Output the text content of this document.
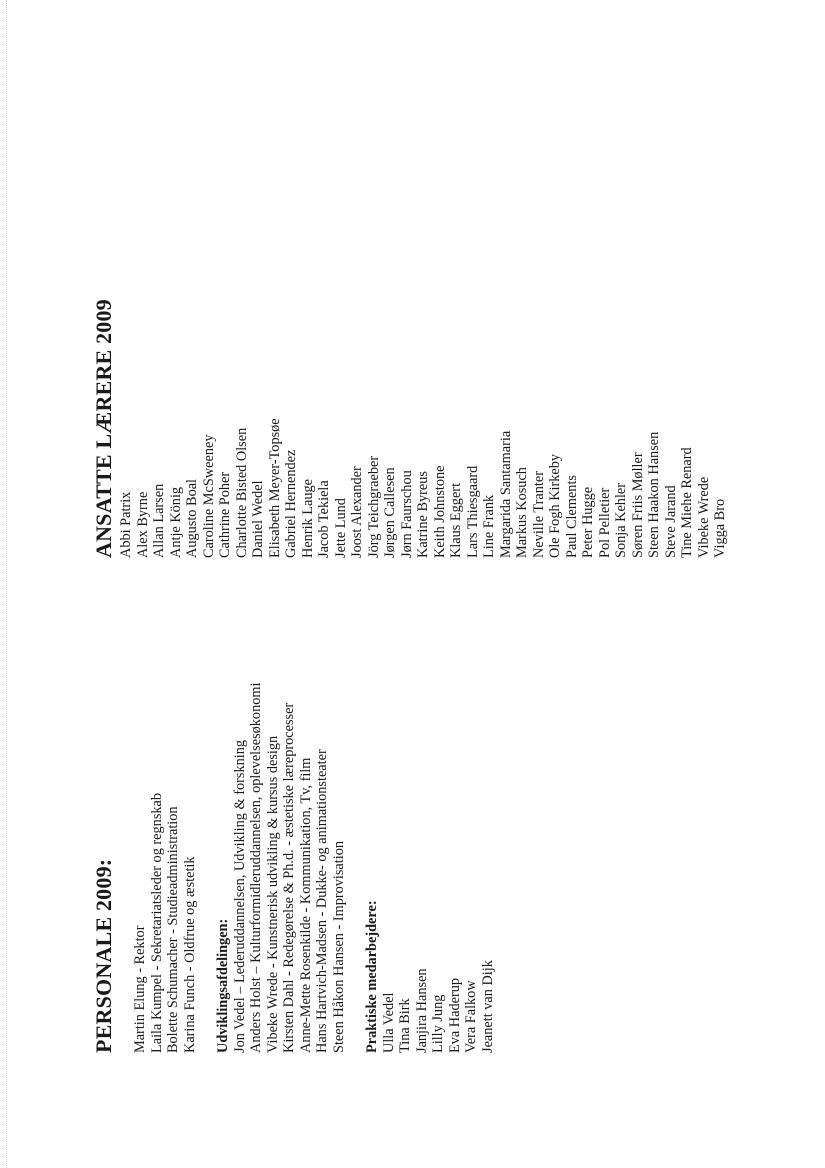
PERSONALE 2009: Martin Elung - Rektor Laila Kumpel - Sekretariatsleder og regnskab Bolette Schumacher - Studieadministration Karina Funch - Oldfrue og æstetik Udviklingsafdelingen: Jon Vedel – Lederuddannelsen, Udvikling & forskning Anders Holst – Kulturformidleruddannelsen, oplevelsesøkonomi Vibeke Wrede - Kunstnerisk udvikling & kursus design Kirsten Dahl - Redegørelse & Ph.d. - æstetiske læreprocesser Anne-Mette Rosenkilde - Kommunikation, Tv, film Hans Hartvich-Madsen - Dukke- og animationsteater Steen Håkon Hansen - Improvisation Praktiske medarbejdere: Ulla Vedel Tina Birk Janjira Hansen Lilly Jung Eva Haderup Vera Falkow Jeanett van Dijk
ANSATTE LÆRERE 2009 Abbi Patrix Alex Byrne Allan Larsen Antje König Augusto Boal Caroline McSweeney Cathrine Poher Charlotte Bisted Olsen Daniel Wedel Elisabeth Meyer-Topsøe Gabriel Hernendez Henrik Lauge Jacob Tekiela Jette Lund Joost Alexander Jörg Teichgraeber Jørgen Callesen Jørn Faurschou Katrine Byreus Keith Johnstone Klaus Eggert Lars Thiesgaard Line Frank Margarida Santamaria Markus Kosuch Neville Tranter Ole Fogh Kirkeby Paul Clements Peter Hugge Pol Pelletier Sonja Kehler Søren Friis Møller Steen Haakon Hansen Steve Jarand Tine Miehe Renard Vibeke Wrede Vigga Bro
